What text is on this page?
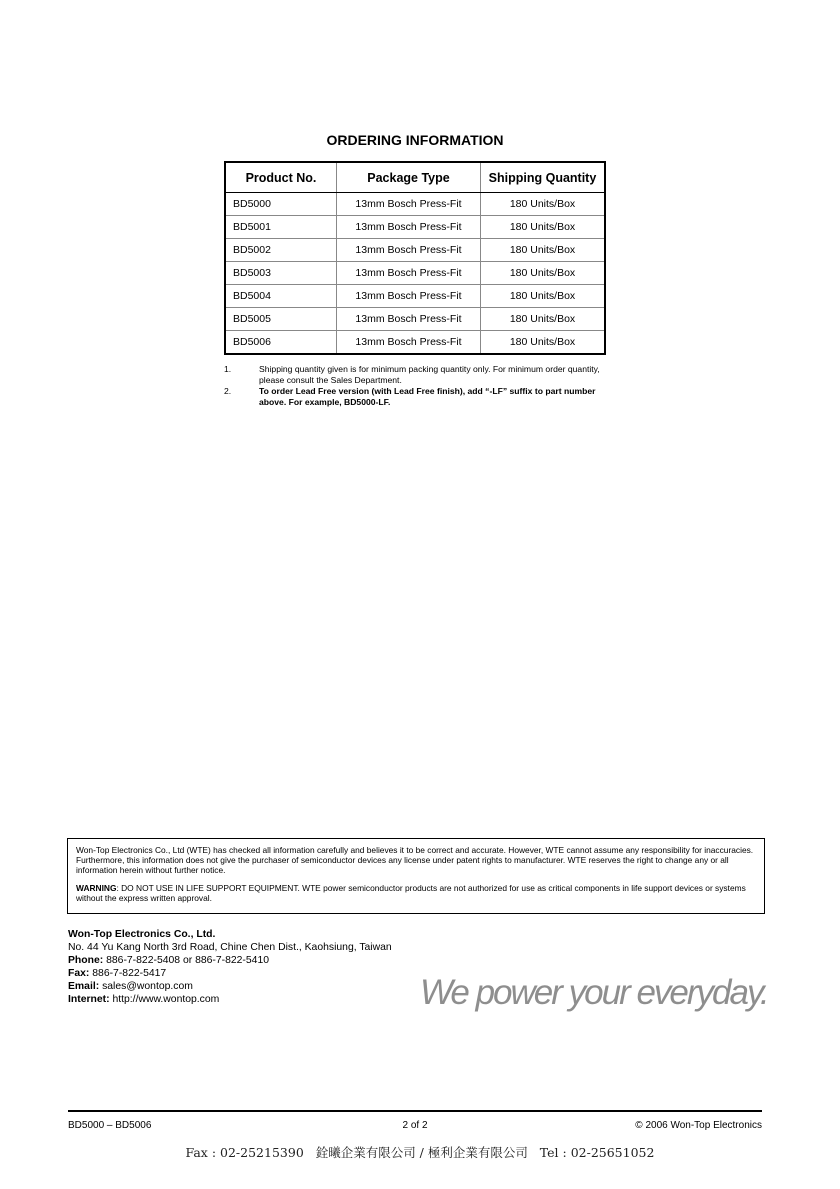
ORDERING INFORMATION
Product No.	Package Type	Shipping Quantity
BD5000	13mm Bosch Press-Fit	180 Units/Box
BD5001	13mm Bosch Press-Fit	180 Units/Box
BD5002	13mm Bosch Press-Fit	180 Units/Box
BD5003	13mm Bosch Press-Fit	180 Units/Box
BD5004	13mm Bosch Press-Fit	180 Units/Box
BD5005	13mm Bosch Press-Fit	180 Units/Box
BD5006	13mm Bosch Press-Fit	180 Units/Box
1.	Shipping quantity given is for minimum packing quantity only. For minimum order quantity, please consult the Sales Department.
2.	To order Lead Free version (with Lead Free finish), add “-LF” suffix to part number above. For example, BD5000-LF.

Won-Top Electronics Co., Ltd (WTE) has checked all information carefully and believes it to be correct and accurate. However, WTE cannot assume any responsibility for inaccuracies. Furthermore, this information does not give the purchaser of semiconductor devices any license under patent rights to manufacturer. WTE reserves the right to change any or all information herein without further notice.

WARNING: DO NOT USE IN LIFE SUPPORT EQUIPMENT. WTE power semiconductor products are not authorized for use as critical components in life support devices or systems without the express written approval.

Won-Top Electronics Co., Ltd.
No. 44 Yu Kang North 3rd Road, Chine Chen Dist., Kaohsiung, Taiwan
Phone: 886-7-822-5408 or 886-7-822-5410
Fax: 886-7-822-5417
Email: sales@wontop.com
Internet: http://www.wontop.com	We power your everyday.
BD5000 – BD5006	2 of 2	© 2006 Won-Top Electronics
Fax : 02-25215390   銓曦企業有限公司 / 極利企業有限公司   Tel : 02-25651052
